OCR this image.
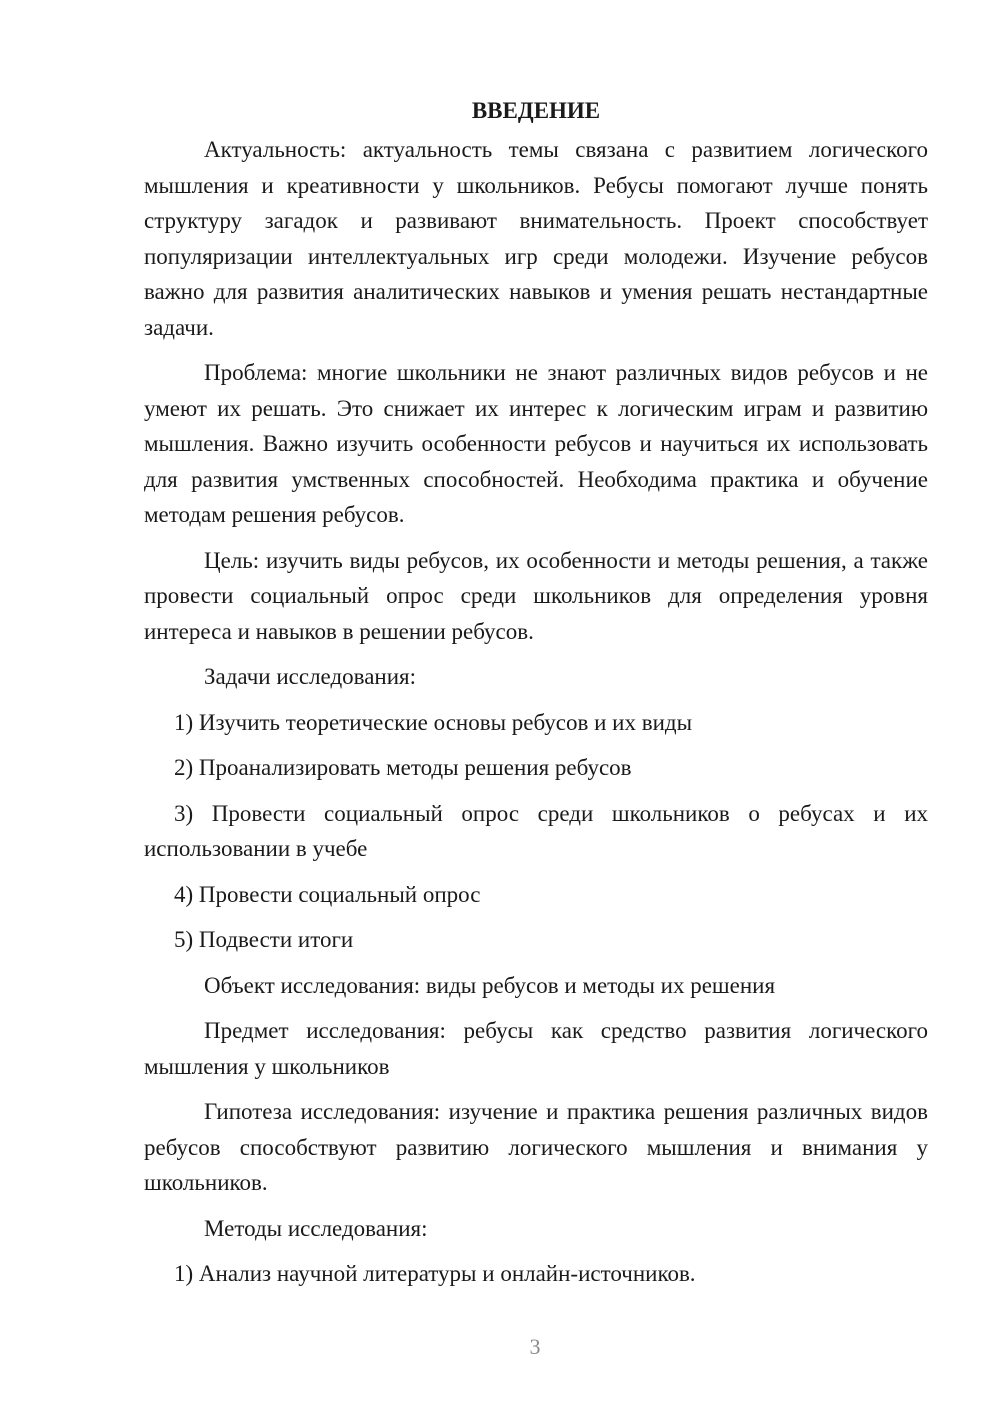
ВВЕДЕНИЕ

Актуальность: актуальность темы связана с развитием логического мышления и креативности у школьников. Ребусы помогают лучше понять структуру загадок и развивают внимательность. Проект способствует популяризации интеллектуальных игр среди молодежи. Изучение ребусов важно для развития аналитических навыков и умения решать нестандартные задачи.

Проблема: многие школьники не знают различных видов ребусов и не умеют их решать. Это снижает их интерес к логическим играм и развитию мышления. Важно изучить особенности ребусов и научиться их использовать для развития умственных способностей. Необходима практика и обучение методам решения ребусов.

Цель: изучить виды ребусов, их особенности и методы решения, а также провести социальный опрос среди школьников для определения уровня интереса и навыков в решении ребусов.

Задачи исследования:

1) Изучить теоретические основы ребусов и их виды

2) Проанализировать методы решения ребусов

3) Провести социальный опрос среди школьников о ребусах и их использовании в учебе

4) Провести социальный опрос

5) Подвести итоги

Объект исследования: виды ребусов и методы их решения

Предмет исследования: ребусы как средство развития логического мышления у школьников

Гипотеза исследования: изучение и практика решения различных видов ребусов способствуют развитию логического мышления и внимания у школьников.

Методы исследования:

1) Анализ научной литературы и онлайн-источников.

3
